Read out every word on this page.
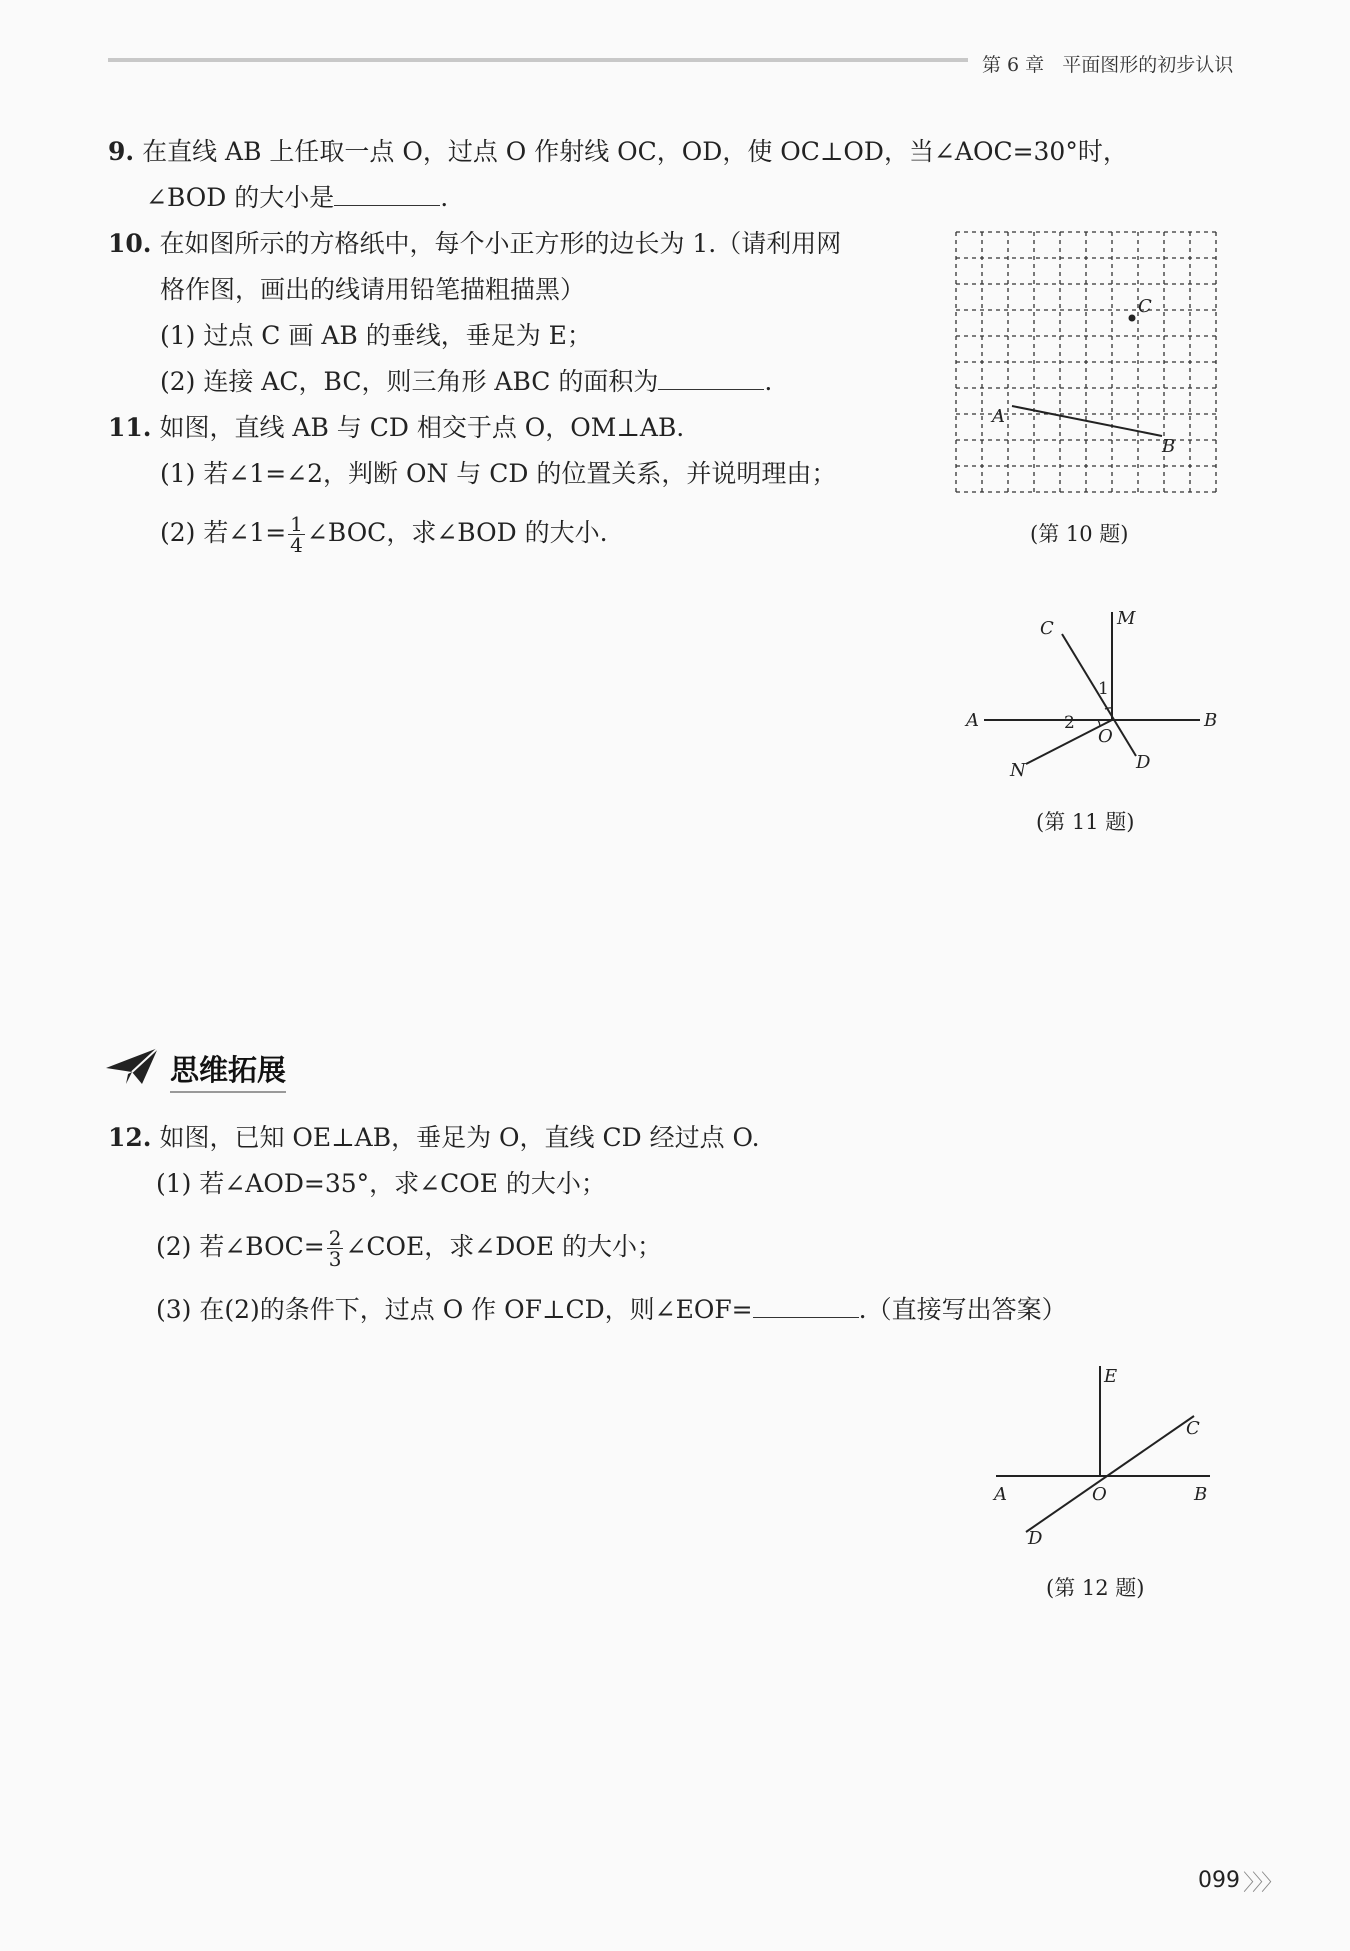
第 6 章 平面图形的初步认识
9. 在直线 AB 上任取一点 O，过点 O 作射线 OC，OD，使 OC⊥OD，当∠AOC=30°时，
∠BOD 的大小是	.
10. 在如图所示的方格纸中，每个小正方形的边长为 1.（请利用网
格作图，画出的线请用铅笔描粗描黑）
(1) 过点 C 画 AB 的垂线，垂足为 E；
(2) 连接 AC，BC，则三角形 ABC 的面积为	.
11. 如图，直线 AB 与 CD 相交于点 O，OM⊥AB.
(1) 若∠1=∠2，判断 ON 与 CD 的位置关系，并说明理由；
(2) 若∠1= $\frac{1}{4}$ ∠BOC，求∠BOD 的大小.
C
A
B
(第 10 题)
A	B
C
D
M
N
O
1
2
(第 11 题)
思维拓展
12. 如图，已知 OE⊥AB，垂足为 O，直线 CD 经过点 O.
(1) 若∠AOD=35°，求∠COE 的大小；
(2) 若∠BOC= $\frac{2}{3}$ ∠COE，求∠DOE 的大小；
(3) 在(2)的条件下，过点 O 作 OF⊥CD，则∠EOF=	.（直接写出答案）
E
C
A	O	B
D
(第 12 题)
099 〉〉〉
